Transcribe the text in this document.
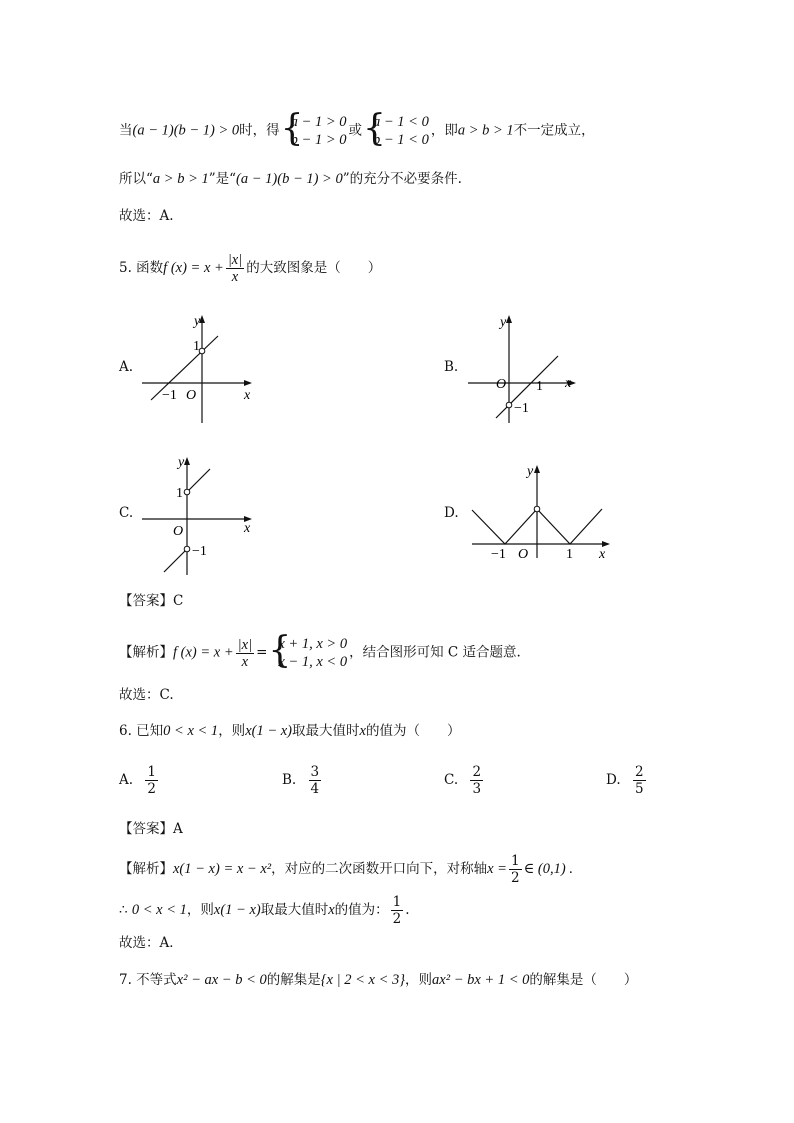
当(a − 1)(b − 1) > 0时，得 {
a − 1 > 0
b − 1 > 0
或 {
a − 1 < 0
b − 1 < 0
，即a > b > 1不一定成立，
所以“a > b > 1”是“(a − 1)(b − 1) > 0”的充分不必要条件.
故选：A.
5. 函数f $(x) = x + \frac{|x|}{x}$ 的大致图象是（　　）
A.
y
1
−1 O	x
B.
y
O 1 x
−1
C.
y
1
O	x
−1
D.
y
−1 O	1 x
【答案】C
【解析】f $(x) = x + \frac{|x|}{x}$ = {
x + 1, x > 0
x − 1, x < 0
，结合图形可知 C 适合题意.
故选：C.
6. 已知0 < x < 1，则x(1 − x)取最大值时x的值为（　　）
A. $\frac{1}{2}$	B. $\frac{3}{4}$	C. $\frac{2}{3}$	D. $\frac{2}{5}$
【答案】A
【解析】x(1 − x) = x − x²，对应的二次函数开口向下，对称轴$x = \frac{1}{2}$ ∈ (0,1) .
∴ 0 < x < 1，则x(1 − x)取最大值时x的值为： $\frac{1}{2}$ .
故选：A．
7. 不等式x² − ax − b < 0的解集是{x | 2 < x < 3}，则ax² − bx + 1 < 0的解集是（　　）
